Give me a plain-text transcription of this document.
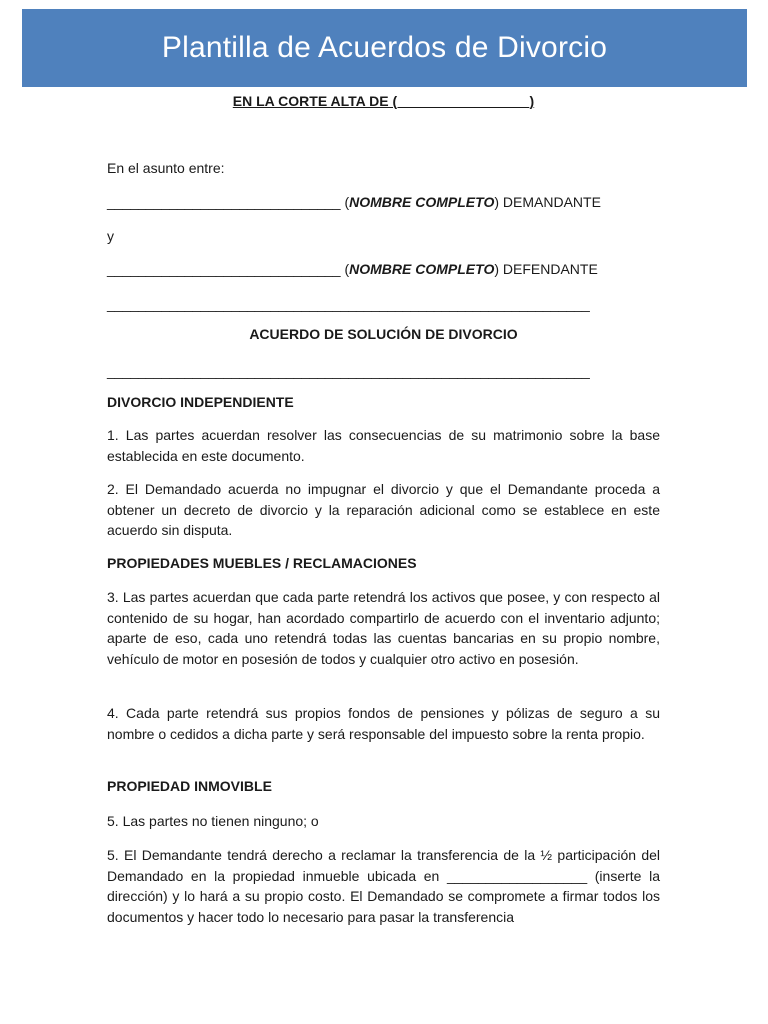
Plantilla de Acuerdos de Divorcio

EN LA CORTE ALTA DE (_________________)

En el asunto entre:

______________________________ (NOMBRE COMPLETO) DEMANDANTE

y

______________________________ (NOMBRE COMPLETO) DEFENDANTE

______________________________________________________________

ACUERDO DE SOLUCIÓN DE DIVORCIO

______________________________________________________________

DIVORCIO INDEPENDIENTE

1. Las partes acuerdan resolver las consecuencias de su matrimonio sobre la base establecida en este documento.

2. El Demandado acuerda no impugnar el divorcio y que el Demandante proceda a obtener un decreto de divorcio y la reparación adicional como se establece en este acuerdo sin disputa.

PROPIEDADES MUEBLES / RECLAMACIONES

3. Las partes acuerdan que cada parte retendrá los activos que posee, y con respecto al contenido de su hogar, han acordado compartirlo de acuerdo con el inventario adjunto; aparte de eso, cada uno retendrá todas las cuentas bancarias en su propio nombre, vehículo de motor en posesión de todos y cualquier otro activo en posesión.

4. Cada parte retendrá sus propios fondos de pensiones y pólizas de seguro a su nombre o cedidos a dicha parte y será responsable del impuesto sobre la renta propio.

PROPIEDAD INMOVIBLE

5. Las partes no tienen ninguno; o

5. El Demandante tendrá derecho a reclamar la transferencia de la ½ participación del Demandado en la propiedad inmueble ubicada en __________________ (inserte la dirección) y lo hará a su propio costo. El Demandado se compromete a firmar todos los documentos y hacer todo lo necesario para pasar la transferencia
